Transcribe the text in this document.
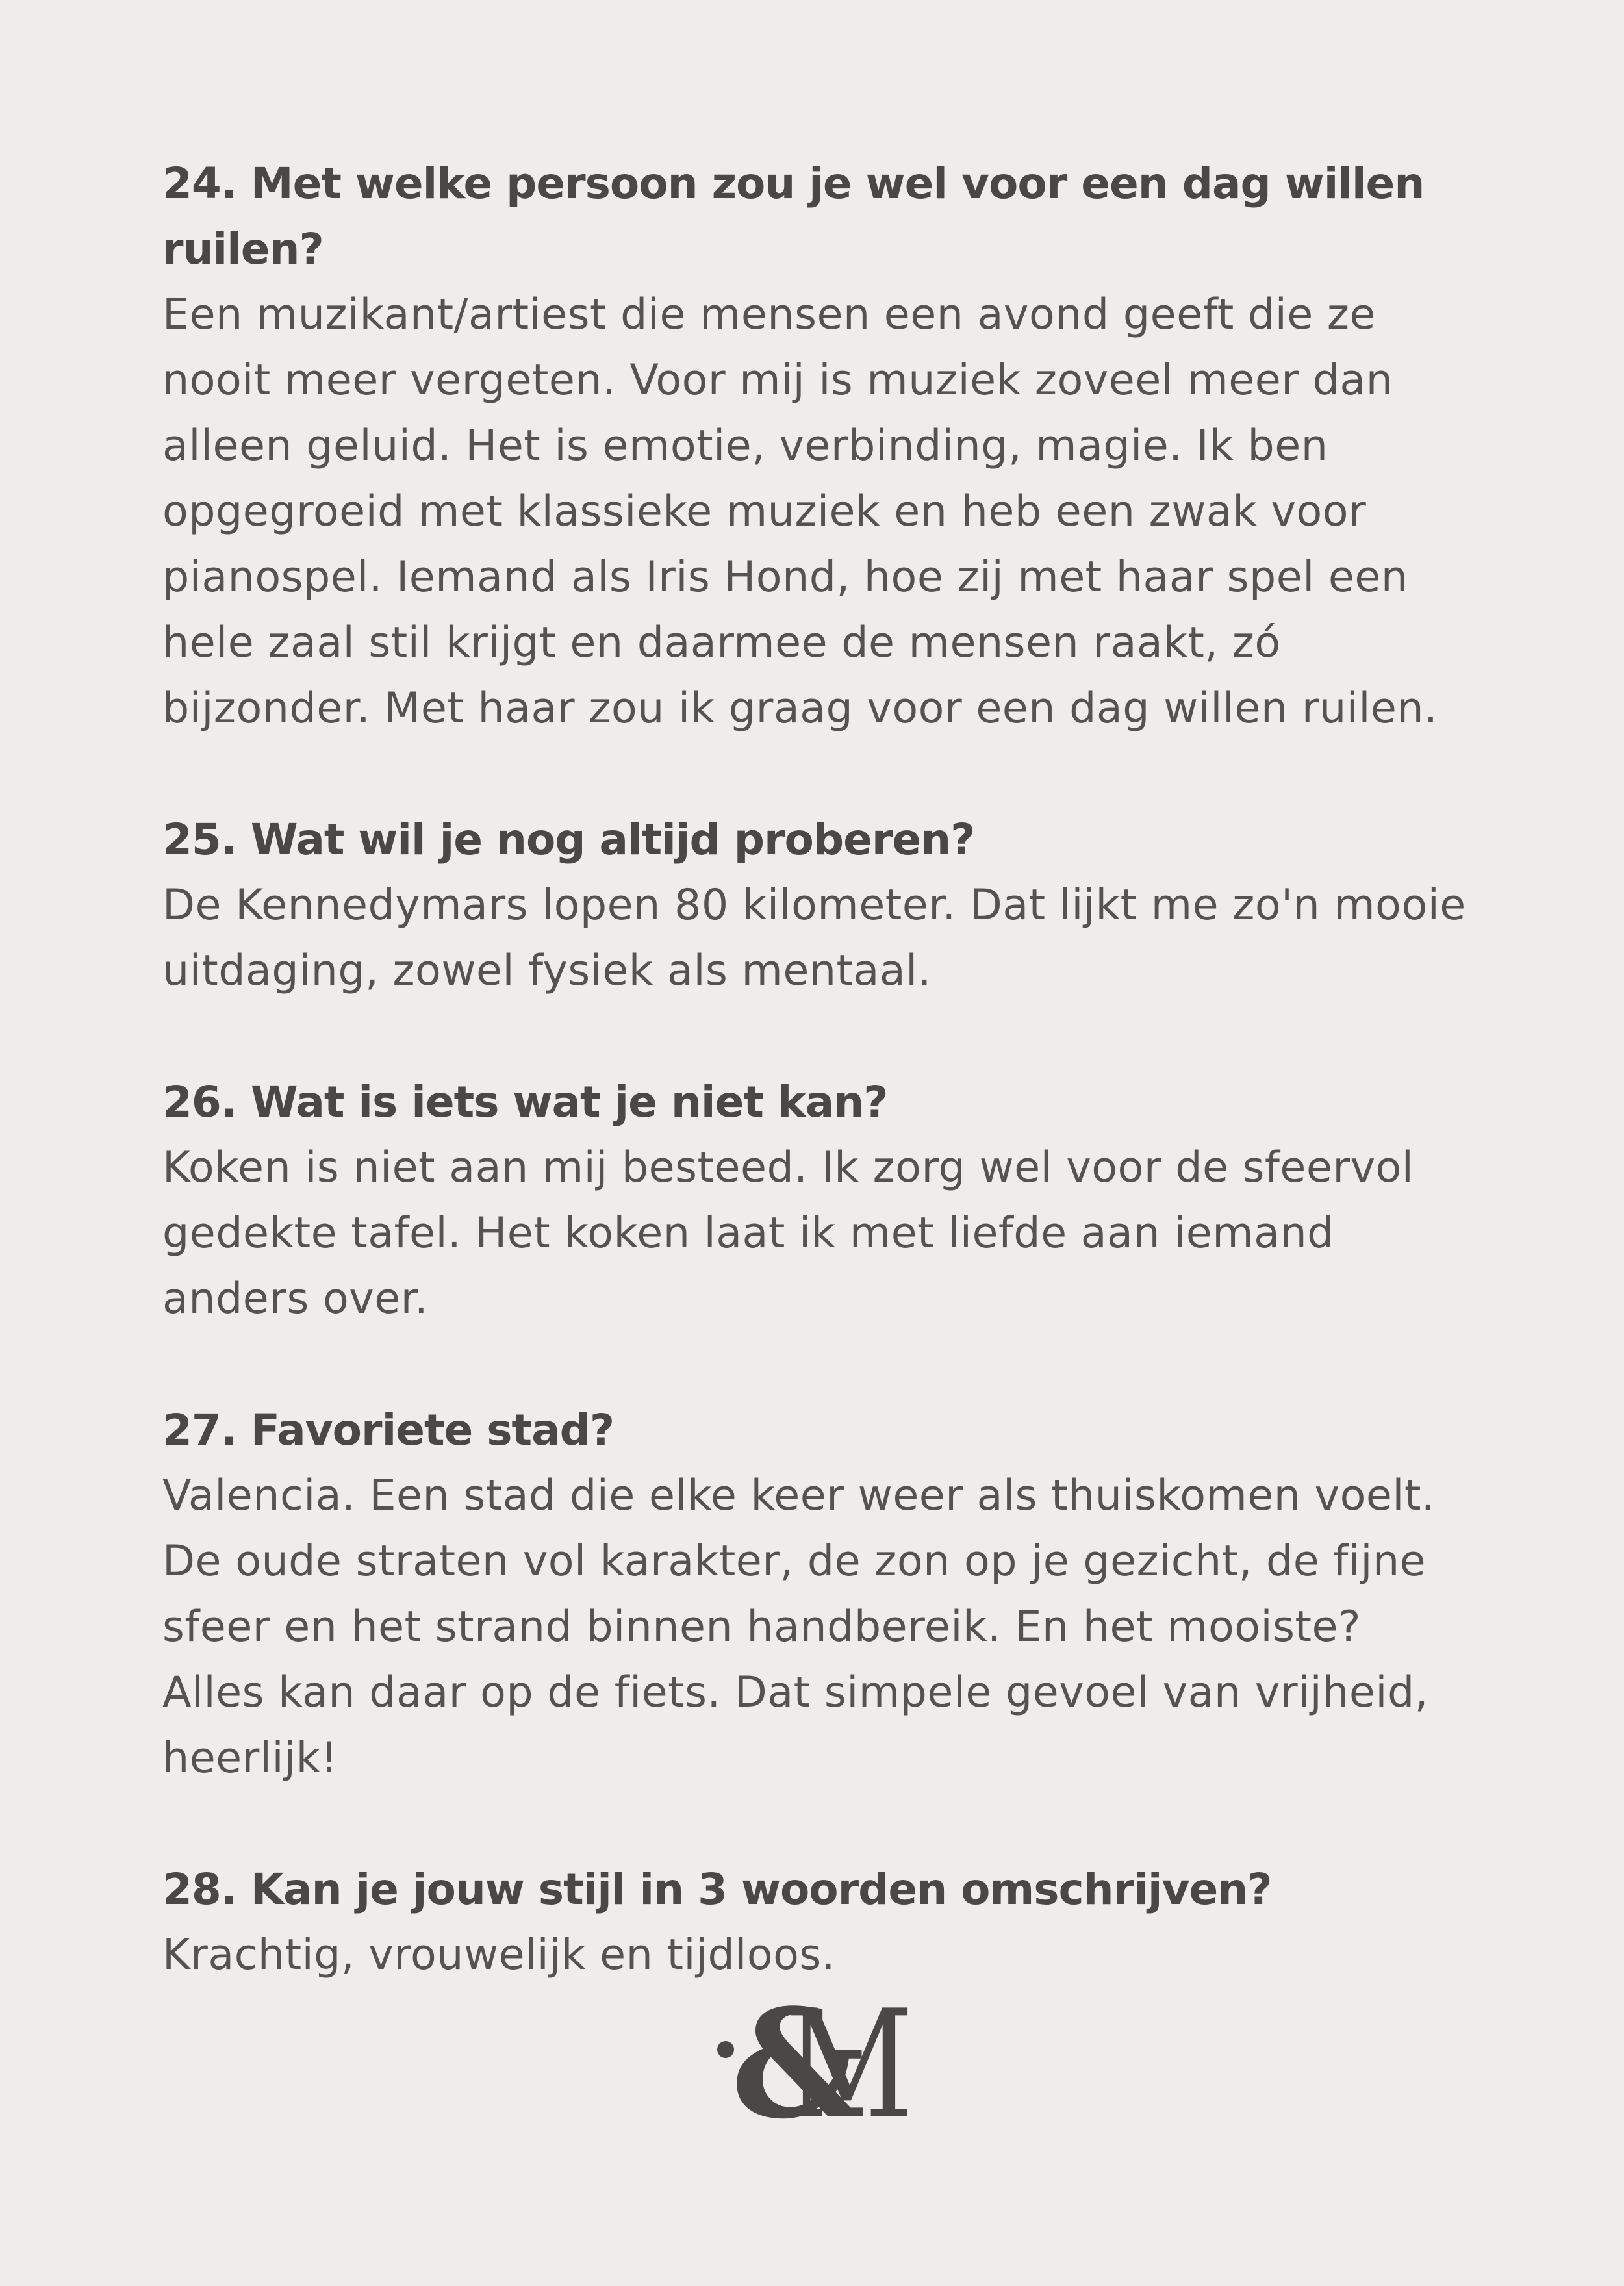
24. Met welke persoon zou je wel voor een dag willen ruilen?

Een muzikant/artiest die mensen een avond geeft die ze nooit meer vergeten. Voor mij is muziek zoveel meer dan alleen geluid. Het is emotie, verbinding, magie. Ik ben opgegroeid met klassieke muziek en heb een zwak voor pianospel. Iemand als Iris Hond, hoe zij met haar spel een hele zaal stil krijgt en daarmee de mensen raakt, zó bijzonder. Met haar zou ik graag voor een dag willen ruilen.

25. Wat wil je nog altijd proberen?

De Kennedymars lopen 80 kilometer. Dat lijkt me zo'n mooie uitdaging, zowel fysiek als mentaal.

26. Wat is iets wat je niet kan?

Koken is niet aan mij besteed. Ik zorg wel voor de sfeervol gedekte tafel. Het koken laat ik met liefde aan iemand anders over.

27. Favoriete stad?

Valencia. Een stad die elke keer weer als thuiskomen voelt. De oude straten vol karakter, de zon op je gezicht, de fijne sfeer en het strand binnen handbereik. En het mooiste? Alles kan daar op de fiets. Dat simpele gevoel van vrijheid, heerlijk!

28. Kan je jouw stijl in 3 woorden omschrijven?

Krachtig, vrouwelijk en tijdloos.

&
M
